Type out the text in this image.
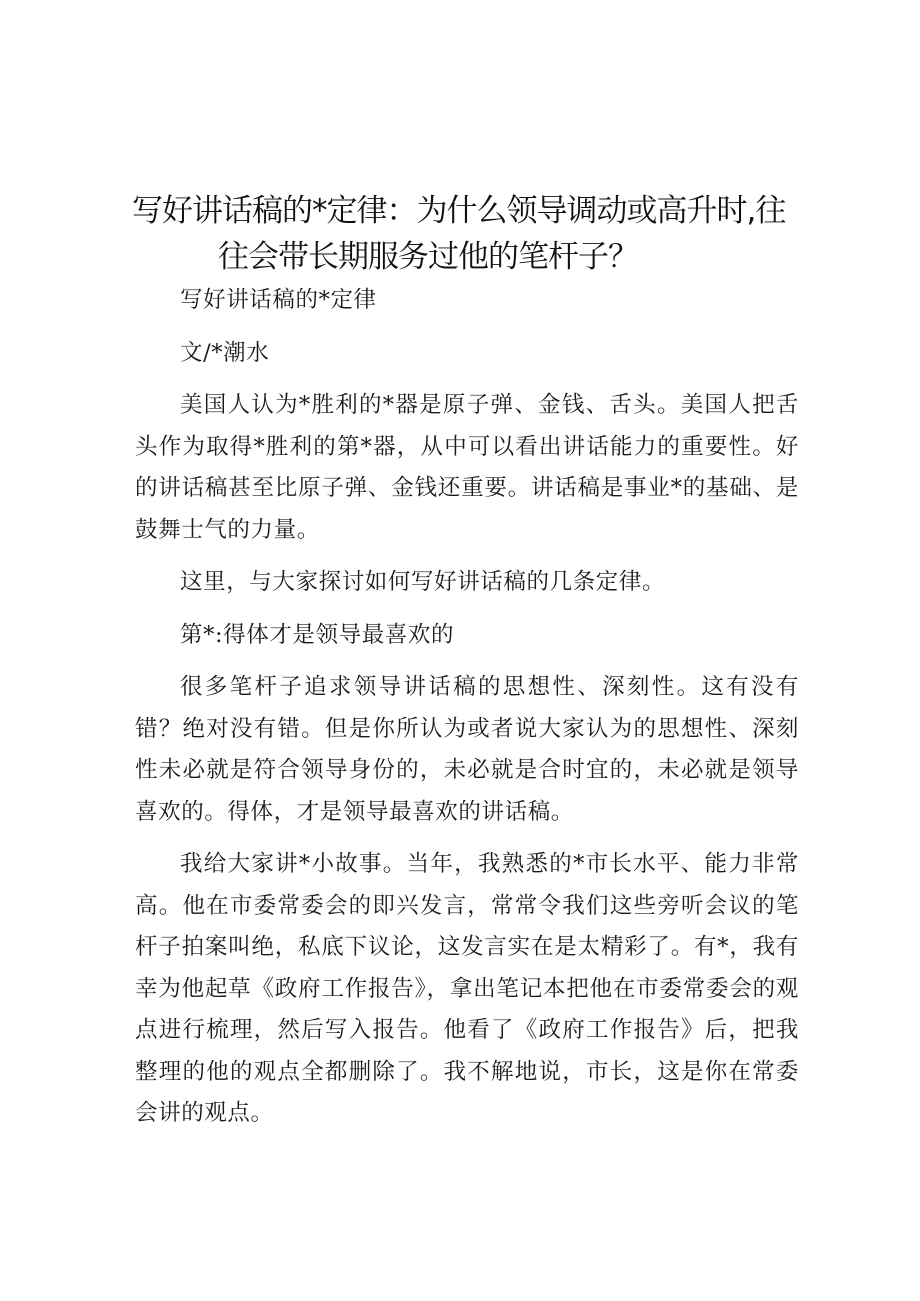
写好讲话稿的*定律：为什么领导调动或高升时,往
往会带长期服务过他的笔杆子？

写好讲话稿的*定律

文/*潮水

美国人认为*胜利的*器是原子弹、金钱、舌头。美国人把舌头作为取得*胜利的第*器，从中可以看出讲话能力的重要性。好的讲话稿甚至比原子弹、金钱还重要。讲话稿是事业*的基础、是鼓舞士气的力量。

这里，与大家探讨如何写好讲话稿的几条定律。

第*:得体才是领导最喜欢的

很多笔杆子追求领导讲话稿的思想性、深刻性。这有没有错？绝对没有错。但是你所认为或者说大家认为的思想性、深刻性未必就是符合领导身份的，未必就是合时宜的，未必就是领导喜欢的。得体，才是领导最喜欢的讲话稿。

我给大家讲*小故事。当年，我熟悉的*市长水平、能力非常高。他在市委常委会的即兴发言，常常令我们这些旁听会议的笔杆子拍案叫绝，私底下议论，这发言实在是太精彩了。有*，我有幸为他起草《政府工作报告》，拿出笔记本把他在市委常委会的观点进行梳理，然后写入报告。他看了《政府工作报告》后，把我整理的他的观点全都删除了。我不解地说，市长，这是你在常委会讲的观点。
